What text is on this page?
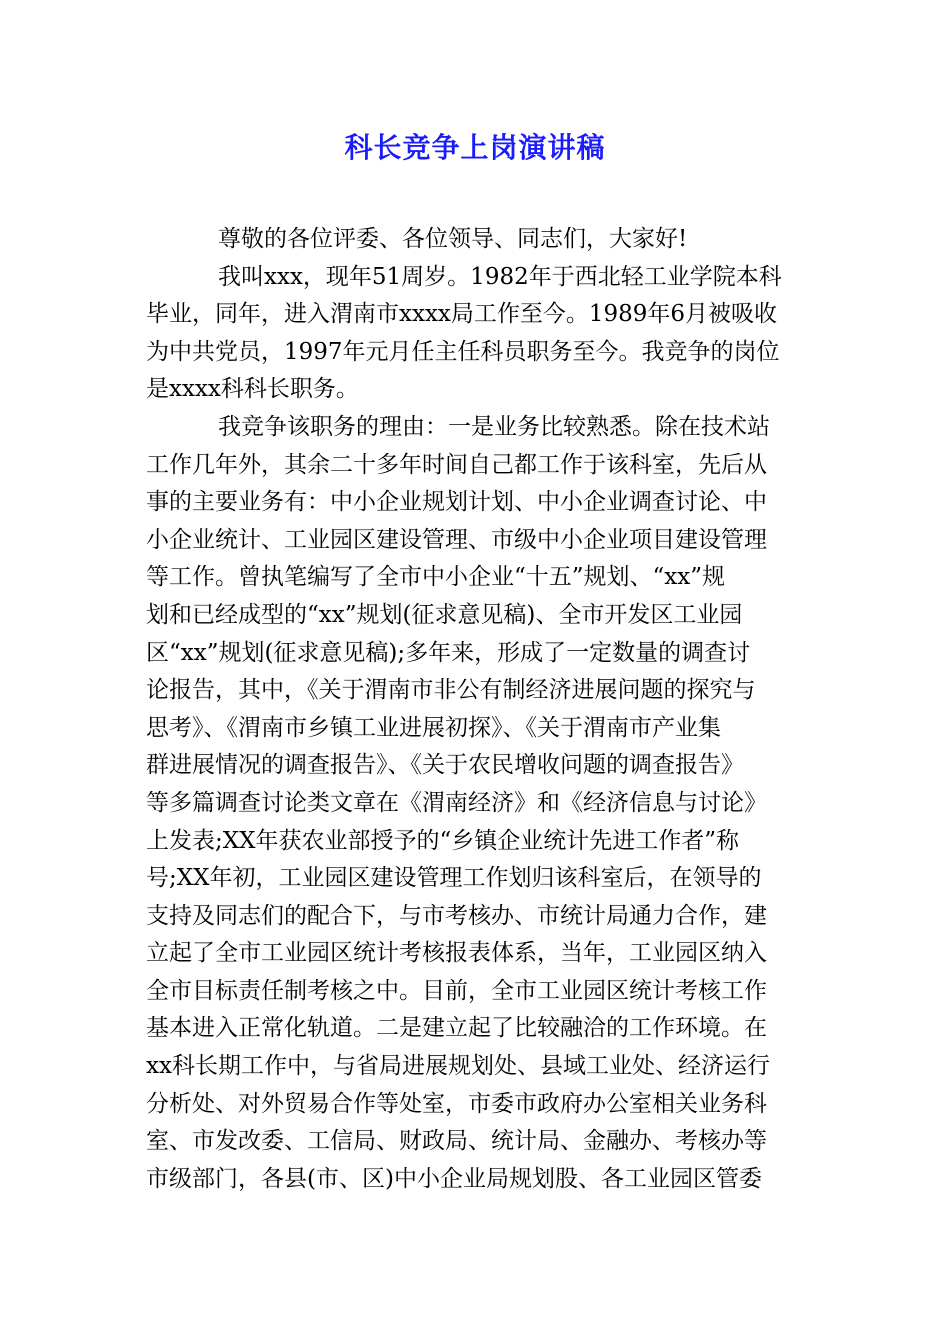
科长竞争上岗演讲稿
尊敬的各位评委、各位领导、同志们，大家好!
我叫xxx，现年51周岁。1982年于西北轻工业学院本科
毕业，同年，进入渭南市xxxx局工作至今。1989年6月被吸收
为中共党员，1997年元月任主任科员职务至今。我竞争的岗位
是xxxx科科长职务。
我竞争该职务的理由：一是业务比较熟悉。除在技术站
工作几年外，其余二十多年时间自己都工作于该科室，先后从
事的主要业务有：中小企业规划计划、中小企业调查讨论、中
小企业统计、工业园区建设管理、市级中小企业项目建设管理
等工作。曾执笔编写了全市中小企业“十五”规划、“xx”规
划和已经成型的“xx”规划(征求意见稿)、全市开发区工业园
区“xx”规划(征求意见稿);多年来，形成了一定数量的调查讨
论报告，其中，《关于渭南市非公有制经济进展问题的探究与
思考》、《渭南市乡镇工业进展初探》、《关于渭南市产业集
群进展情况的调查报告》、《关于农民增收问题的调查报告》
等多篇调查讨论类文章在《渭南经济》和《经济信息与讨论》
上发表;XX年获农业部授予的“乡镇企业统计先进工作者”称
号;XX年初，工业园区建设管理工作划归该科室后，在领导的
支持及同志们的配合下，与市考核办、市统计局通力合作，建
立起了全市工业园区统计考核报表体系，当年，工业园区纳入
全市目标责任制考核之中。目前，全市工业园区统计考核工作
基本进入正常化轨道。二是建立起了比较融洽的工作环境。在
xx科长期工作中，与省局进展规划处、县域工业处、经济运行
分析处、对外贸易合作等处室，市委市政府办公室相关业务科
室、市发改委、工信局、财政局、统计局、金融办、考核办等
市级部门，各县(市、区)中小企业局规划股、各工业园区管委
